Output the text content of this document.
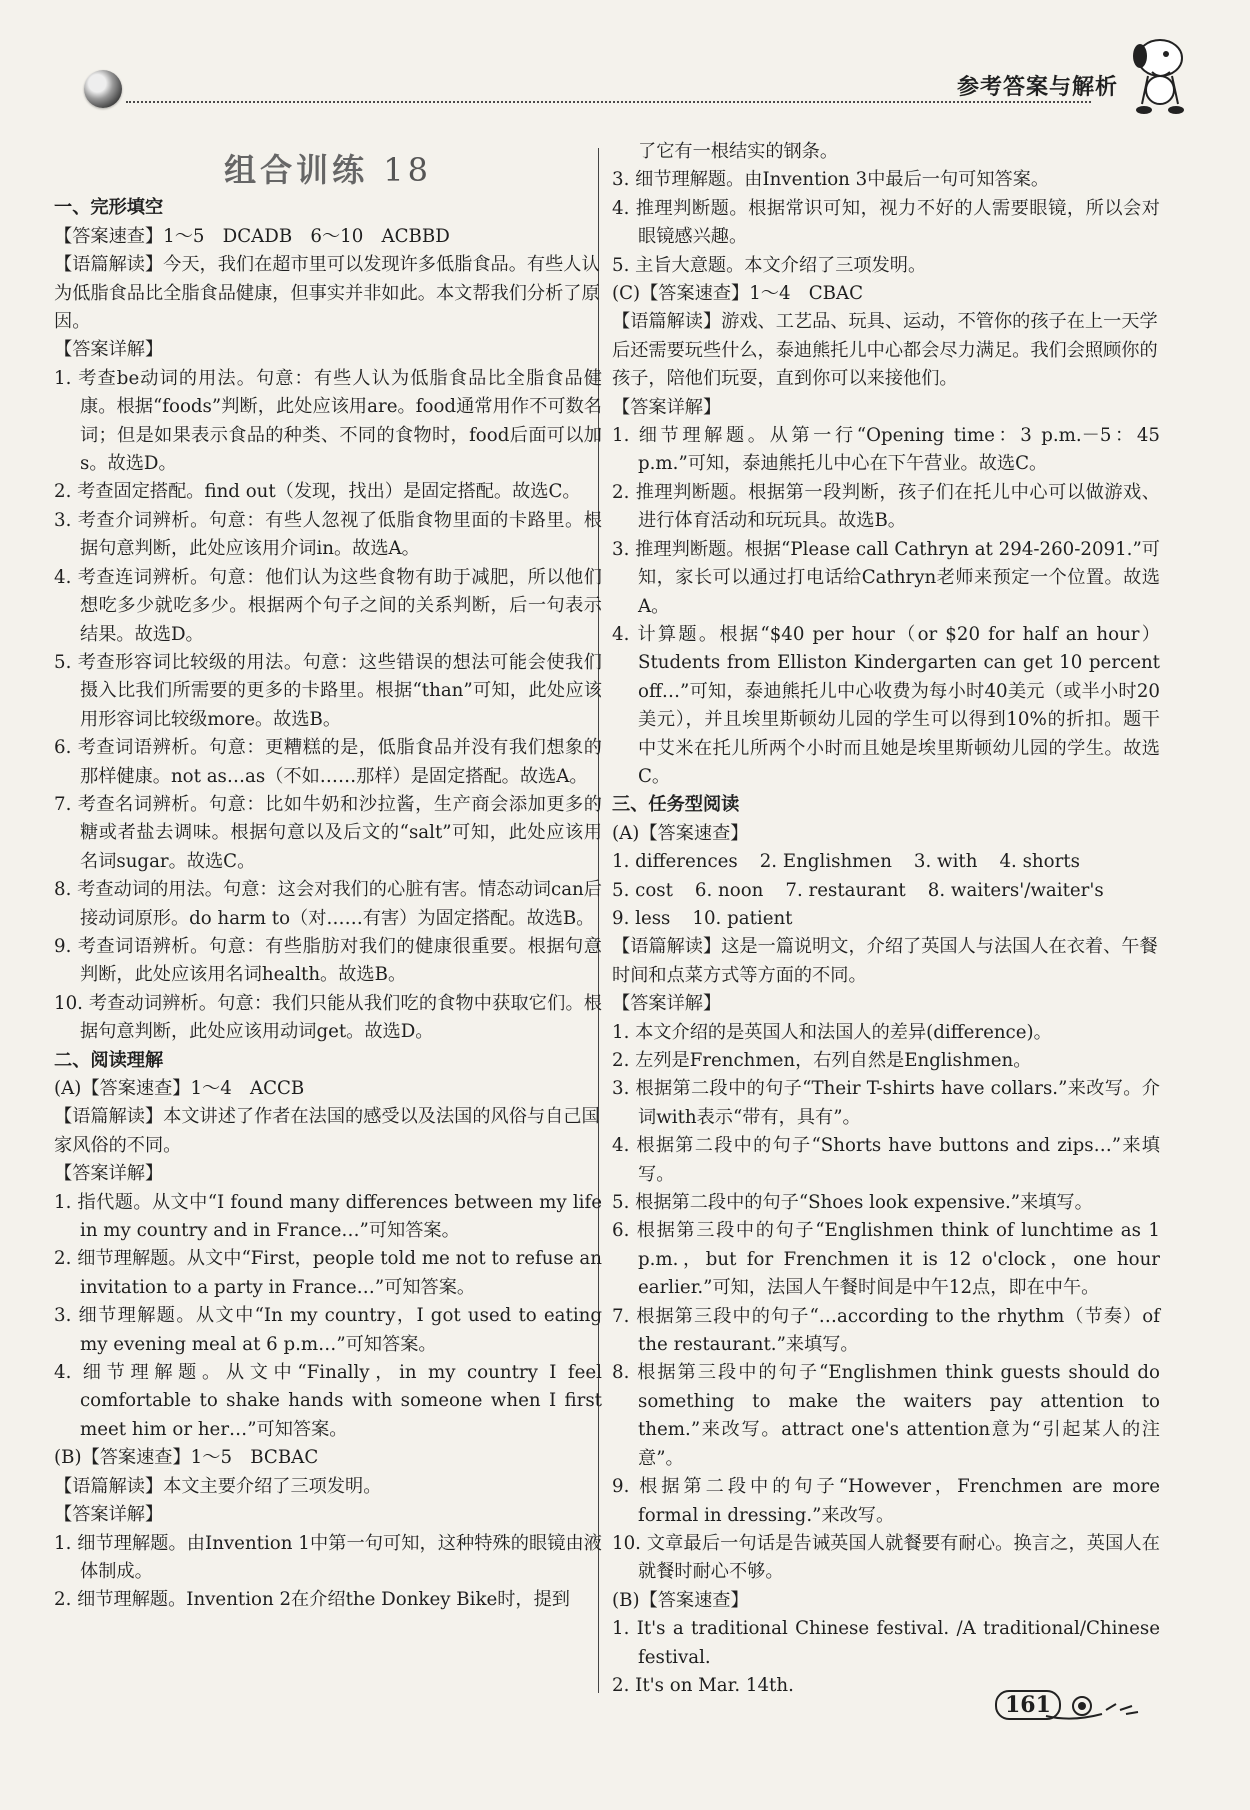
参考答案与解析
组合训练 18

一、完形填空

【答案速查】1～5　DCADB　6～10　ACBBD

【语篇解读】今天，我们在超市里可以发现许多低脂食品。有些人认为低脂食品比全脂食品健康，但事实并非如此。本文帮我们分析了原因。

【答案详解】

1. 考查be动词的用法。句意：有些人认为低脂食品比全脂食品健康。根据“foods”判断，此处应该用are。food通常用作不可数名词；但是如果表示食品的种类、不同的食物时，food后面可以加s。故选D。

2. 考查固定搭配。find out（发现，找出）是固定搭配。故选C。

3. 考查介词辨析。句意：有些人忽视了低脂食物里面的卡路里。根据句意判断，此处应该用介词in。故选A。

4. 考查连词辨析。句意：他们认为这些食物有助于减肥，所以他们想吃多少就吃多少。根据两个句子之间的关系判断，后一句表示结果。故选D。

5. 考查形容词比较级的用法。句意：这些错误的想法可能会使我们摄入比我们所需要的更多的卡路里。根据“than”可知，此处应该用形容词比较级more。故选B。

6. 考查词语辨析。句意：更糟糕的是，低脂食品并没有我们想象的那样健康。not as…as（不如……那样）是固定搭配。故选A。

7. 考查名词辨析。句意：比如牛奶和沙拉酱，生产商会添加更多的糖或者盐去调味。根据句意以及后文的“salt”可知，此处应该用名词sugar。故选C。

8. 考查动词的用法。句意：这会对我们的心脏有害。情态动词can后接动词原形。do harm to（对……有害）为固定搭配。故选B。

9. 考查词语辨析。句意：有些脂肪对我们的健康很重要。根据句意判断，此处应该用名词health。故选B。

10. 考查动词辨析。句意：我们只能从我们吃的食物中获取它们。根据句意判断，此处应该用动词get。故选D。

二、阅读理解

(A)【答案速查】1～4　ACCB

【语篇解读】本文讲述了作者在法国的感受以及法国的风俗与自己国家风俗的不同。

【答案详解】

1. 指代题。从文中“I found many differences between my life in my country and in France…”可知答案。

2. 细节理解题。从文中“First，people told me not to refuse an invitation to a party in France…”可知答案。

3. 细节理解题。从文中“In my country，I got used to eating my evening meal at 6 p.m…”可知答案。

4. 细节理解题。从文中“Finally，in my country I feel comfortable to shake hands with someone when I first meet him or her…”可知答案。

(B)【答案速查】1～5　BCBAC

【语篇解读】本文主要介绍了三项发明。

【答案详解】

1. 细节理解题。由Invention 1中第一句可知，这种特殊的眼镜由液体制成。

2. 细节理解题。Invention 2在介绍the Donkey Bike时，提到

了它有一根结实的钢条。

3. 细节理解题。由Invention 3中最后一句可知答案。

4. 推理判断题。根据常识可知，视力不好的人需要眼镜，所以会对眼镜感兴趣。

5. 主旨大意题。本文介绍了三项发明。

(C)【答案速查】1～4　CBAC

【语篇解读】游戏、工艺品、玩具、运动，不管你的孩子在上一天学后还需要玩些什么，泰迪熊托儿中心都会尽力满足。我们会照顾你的孩子，陪他们玩耍，直到你可以来接他们。

【答案详解】

1. 细节理解题。从第一行“Opening time：3 p.m.－5：45 p.m.”可知，泰迪熊托儿中心在下午营业。故选C。

2. 推理判断题。根据第一段判断，孩子们在托儿中心可以做游戏、进行体育活动和玩玩具。故选B。

3. 推理判断题。根据“Please call Cathryn at 294-260-2091.”可知，家长可以通过打电话给Cathryn老师来预定一个位置。故选A。

4. 计算题。根据“$40 per hour（or $20 for half an hour）Students from Elliston Kindergarten can get 10 percent off…”可知，泰迪熊托儿中心收费为每小时40美元（或半小时20美元），并且埃里斯顿幼儿园的学生可以得到10%的折扣。题干中艾米在托儿所两个小时而且她是埃里斯顿幼儿园的学生。故选C。

三、任务型阅读

(A)【答案速查】

1. differences 2. Englishmen 3. with 4. shorts
5. cost 6. noon 7. restaurant 8. waiters'/waiter's
9. less 10. patient

【语篇解读】这是一篇说明文，介绍了英国人与法国人在衣着、午餐时间和点菜方式等方面的不同。

【答案详解】

1. 本文介绍的是英国人和法国人的差异(difference)。

2. 左列是Frenchmen，右列自然是Englishmen。

3. 根据第二段中的句子“Their T-shirts have collars.”来改写。介词with表示“带有，具有”。

4. 根据第二段中的句子“Shorts have buttons and zips…”来填写。

5. 根据第二段中的句子“Shoes look expensive.”来填写。

6. 根据第三段中的句子“Englishmen think of lunchtime as 1 p.m.，but for Frenchmen it is 12 o'clock，one hour earlier.”可知，法国人午餐时间是中午12点，即在中午。

7. 根据第三段中的句子“…according to the rhythm（节奏）of the restaurant.”来填写。

8. 根据第三段中的句子“Englishmen think guests should do something to make the waiters pay attention to them.”来改写。attract one's attention意为“引起某人的注意”。

9. 根据第二段中的句子“However，Frenchmen are more formal in dressing.”来改写。

10. 文章最后一句话是告诫英国人就餐要有耐心。换言之，英国人在就餐时耐心不够。

(B)【答案速查】

1. It's a traditional Chinese festival. /A traditional/Chinese festival.

2. It's on Mar. 14th.

161
